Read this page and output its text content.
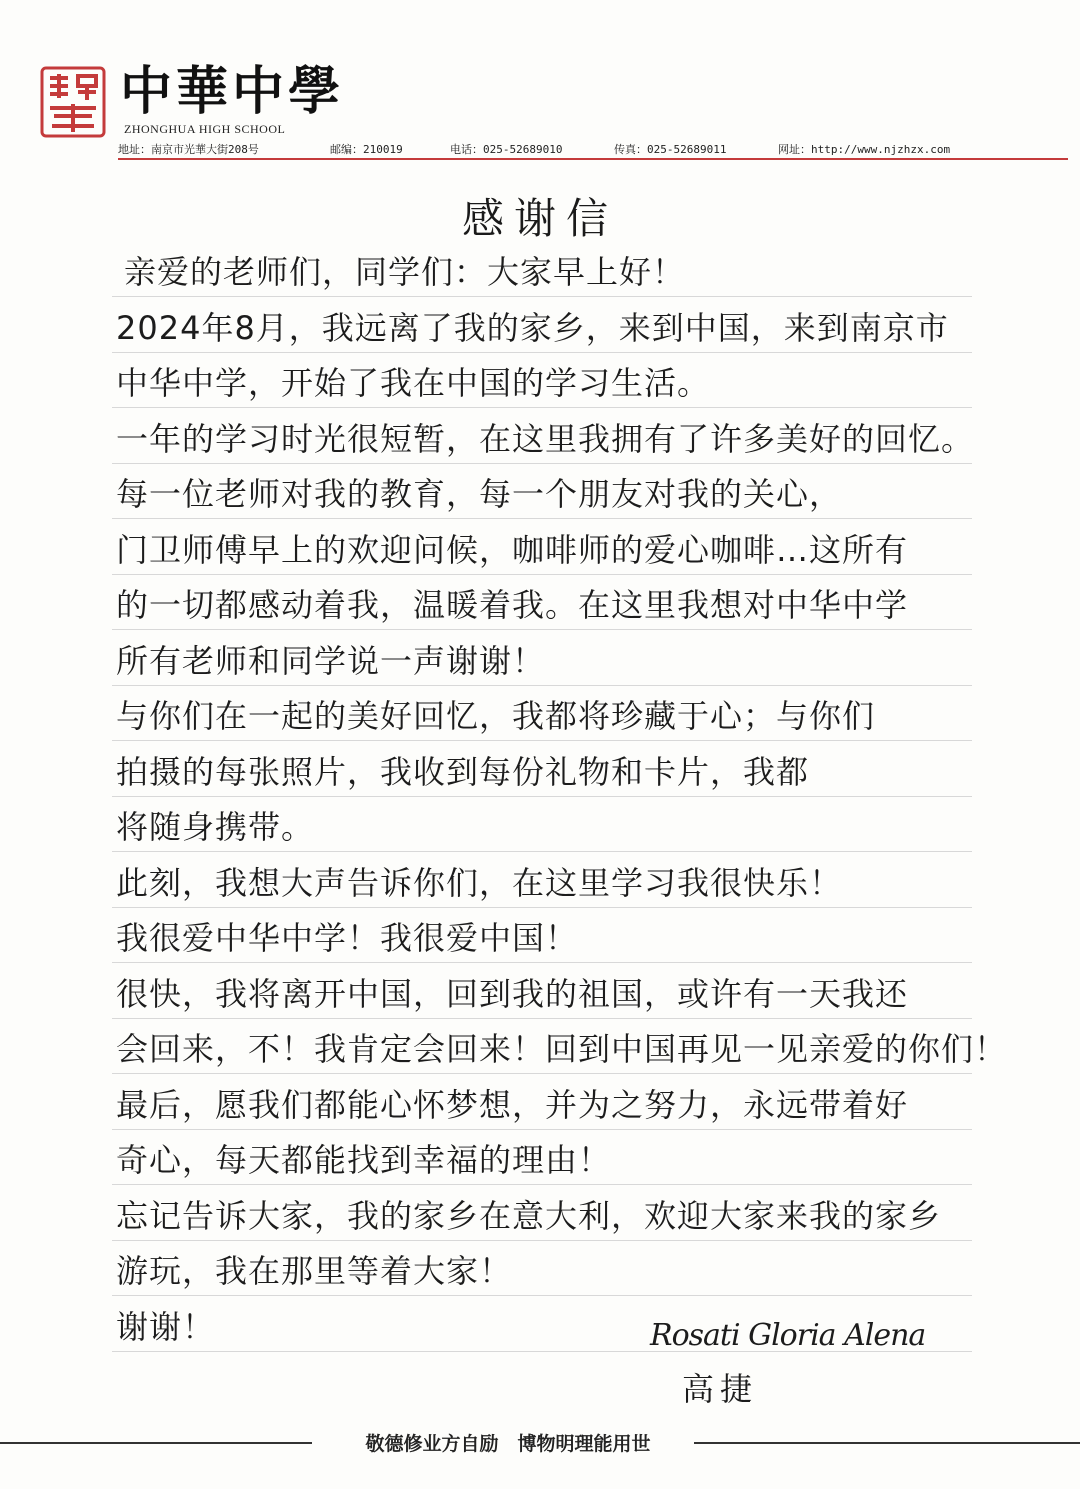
中華中學
ZHONGHUA HIGH SCHOOL
地址：南京市光華大街208号	邮编：210019	电话：025-52689010	传真：025-52689011	网址：http://www.njzhzx.com
感谢信
亲爱的老师们，同学们：大家早上好！
2024年8月，我远离了我的家乡，来到中国，来到南京市
中华中学，开始了我在中国的学习生活。
一年的学习时光很短暂，在这里我拥有了许多美好的回忆。
每一位老师对我的教育，每一个朋友对我的关心，
门卫师傅早上的欢迎问候，咖啡师的爱心咖啡…这所有
的一切都感动着我，温暖着我。在这里我想对中华中学
所有老师和同学说一声谢谢！
与你们在一起的美好回忆，我都将珍藏于心；与你们
拍摄的每张照片，我收到每份礼物和卡片，我都
将随身携带。
此刻，我想大声告诉你们，在这里学习我很快乐！
我很爱中华中学！我很爱中国！
很快，我将离开中国，回到我的祖国，或许有一天我还
会回来，不！我肯定会回来！回到中国再见一见亲爱的你们！
最后，愿我们都能心怀梦想，并为之努力，永远带着好
奇心，每天都能找到幸福的理由！
忘记告诉大家，我的家乡在意大利，欢迎大家来我的家乡
游玩，我在那里等着大家！
谢谢！	Rosati Gloria Alena
高捷
敬德修业方自励　博物明理能用世
